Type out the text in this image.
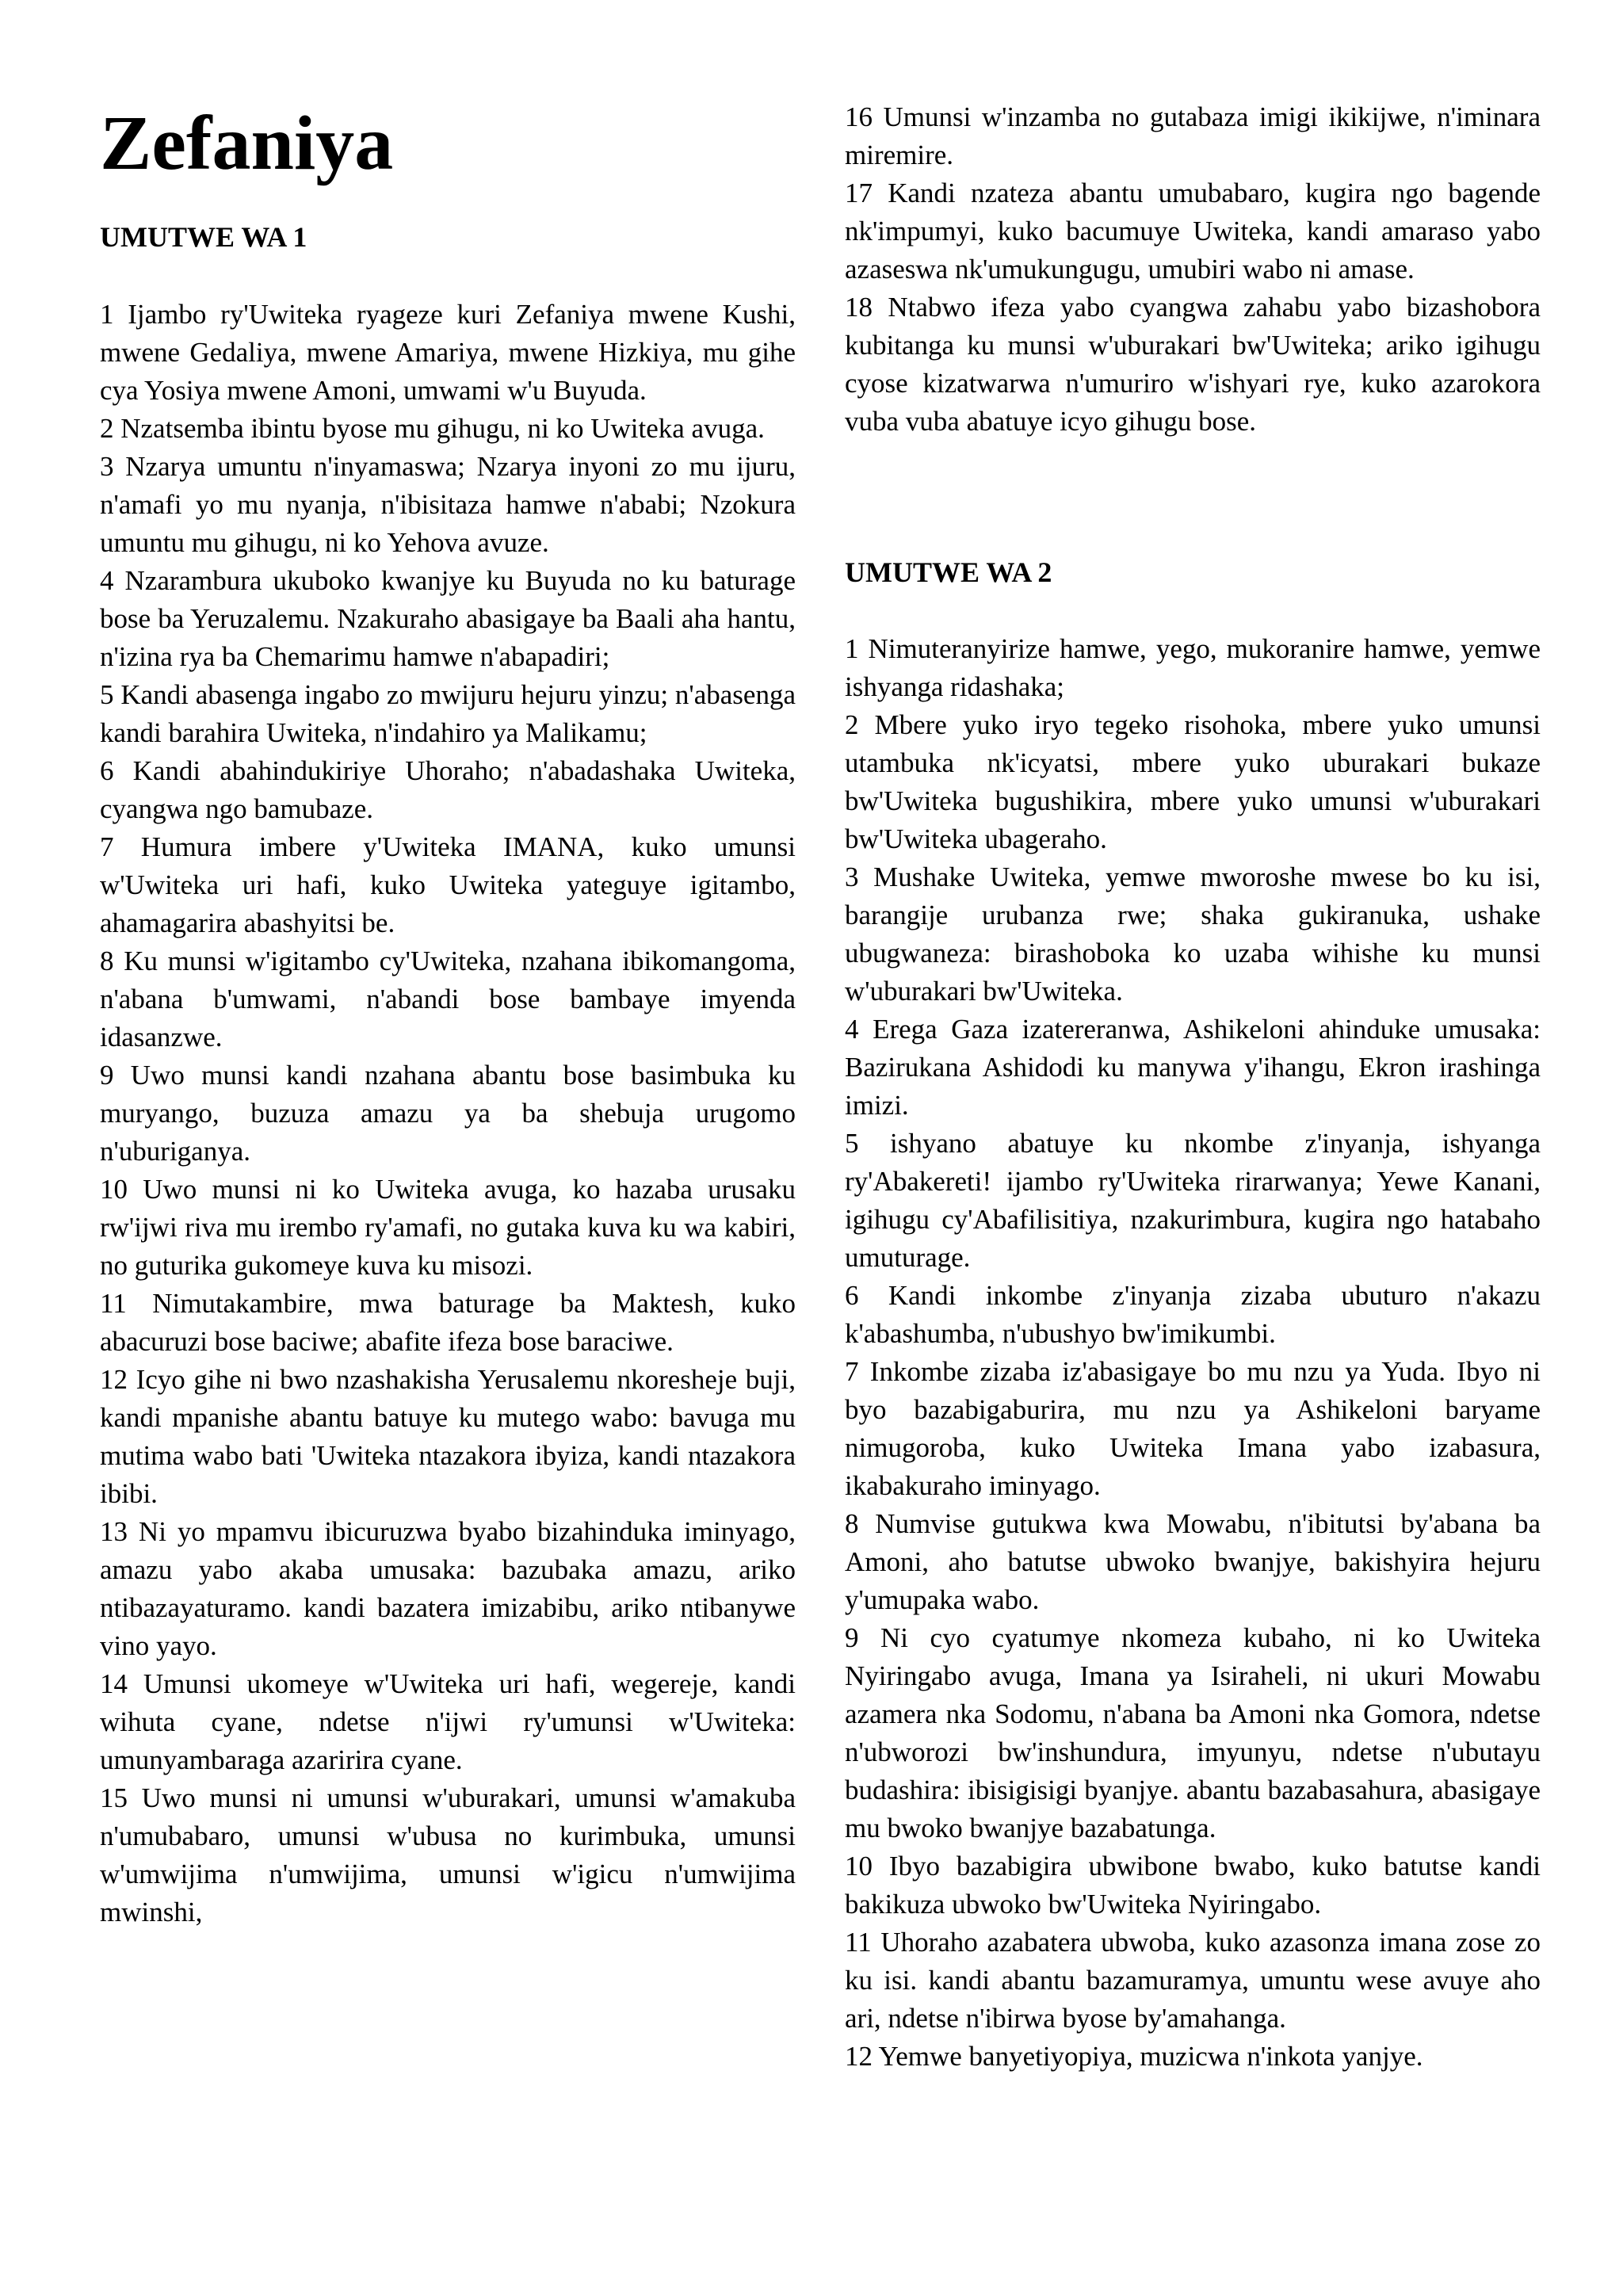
Zefaniya
UMUTWE WA 1

1 Ijambo ry'Uwiteka ryageze kuri Zefaniya mwene Kushi, mwene Gedaliya, mwene Amariya, mwene Hizkiya, mu gihe cya Yosiya mwene Amoni, umwami w'u Buyuda.

2 Nzatsemba ibintu byose mu gihugu, ni ko Uwiteka avuga.

3 Nzarya umuntu n'inyamaswa; Nzarya inyoni zo mu ijuru, n'amafi yo mu nyanja, n'ibisitaza hamwe n'ababi; Nzokura umuntu mu gihugu, ni ko Yehova avuze.

4 Nzarambura ukuboko kwanjye ku Buyuda no ku baturage bose ba Yeruzalemu. Nzakuraho abasigaye ba Baali aha hantu, n'izina rya ba Chemarimu hamwe n'abapadiri;

5 Kandi abasenga ingabo zo mwijuru hejuru yinzu; n'abasenga kandi barahira Uwiteka, n'indahiro ya Malikamu;

6 Kandi abahindukiriye Uhoraho; n'abadashaka Uwiteka, cyangwa ngo bamubaze.

7 Humura imbere y'Uwiteka IMANA, kuko umunsi w'Uwiteka uri hafi, kuko Uwiteka yateguye igitambo, ahamagarira abashyitsi be.

8 Ku munsi w'igitambo cy'Uwiteka, nzahana ibikomangoma, n'abana b'umwami, n'abandi bose bambaye imyenda idasanzwe.

9 Uwo munsi kandi nzahana abantu bose basimbuka ku muryango, buzuza amazu ya ba shebuja urugomo n'uburiganya.

10 Uwo munsi ni ko Uwiteka avuga, ko hazaba urusaku rw'ijwi riva mu irembo ry'amafi, no gutaka kuva ku wa kabiri, no guturika gukomeye kuva ku misozi.

11 Nimutakambire, mwa baturage ba Maktesh, kuko abacuruzi bose baciwe; abafite ifeza bose baraciwe.

12 Icyo gihe ni bwo nzashakisha Yerusalemu nkoresheje buji, kandi mpanishe abantu batuye ku mutego wabo: bavuga mu mutima wabo bati 'Uwiteka ntazakora ibyiza, kandi ntazakora ibibi.

13 Ni yo mpamvu ibicuruzwa byabo bizahinduka iminyago, amazu yabo akaba umusaka: bazubaka amazu, ariko ntibazayaturamo. kandi bazatera imizabibu, ariko ntibanywe vino yayo.

14 Umunsi ukomeye w'Uwiteka uri hafi, wegereje, kandi wihuta cyane, ndetse n'ijwi ry'umunsi w'Uwiteka: umunyambaraga azaririra cyane.

15 Uwo munsi ni umunsi w'uburakari, umunsi w'amakuba n'umubabaro, umunsi w'ubusa no kurimbuka, umunsi w'umwijima n'umwijima, umunsi w'igicu n'umwijima mwinshi,

16 Umunsi w'inzamba no gutabaza imigi ikikijwe, n'iminara miremire.

17 Kandi nzateza abantu umubabaro, kugira ngo bagende nk'impumyi, kuko bacumuye Uwiteka, kandi amaraso yabo azaseswa nk'umukungugu, umubiri wabo ni amase.

18 Ntabwo ifeza yabo cyangwa zahabu yabo bizashobora kubitanga ku munsi w'uburakari bw'Uwiteka; ariko igihugu cyose kizatwarwa n'umuriro w'ishyari rye, kuko azarokora vuba vuba abatuye icyo gihugu bose.

UMUTWE WA 2

1 Nimuteranyirize hamwe, yego, mukoranire hamwe, yemwe ishyanga ridashaka;

2 Mbere yuko iryo tegeko risohoka, mbere yuko umunsi utambuka nk'icyatsi, mbere yuko uburakari bukaze bw'Uwiteka bugushikira, mbere yuko umunsi w'uburakari bw'Uwiteka ubageraho.

3 Mushake Uwiteka, yemwe mworoshe mwese bo ku isi, barangije urubanza rwe; shaka gukiranuka, ushake ubugwaneza: birashoboka ko uzaba wihishe ku munsi w'uburakari bw'Uwiteka.

4 Erega Gaza izatereranwa, Ashikeloni ahinduke umusaka: Bazirukana Ashidodi ku manywa y'ihangu, Ekron irashinga imizi.

5 ishyano abatuye ku nkombe z'inyanja, ishyanga ry'Abakereti! ijambo ry'Uwiteka rirarwanya; Yewe Kanani, igihugu cy'Abafilisitiya, nzakurimbura, kugira ngo hatabaho umuturage.

6 Kandi inkombe z'inyanja zizaba ubuturo n'akazu k'abashumba, n'ubushyo bw'imikumbi.

7 Inkombe zizaba iz'abasigaye bo mu nzu ya Yuda. Ibyo ni byo bazabigaburira, mu nzu ya Ashikeloni baryame nimugoroba, kuko Uwiteka Imana yabo izabasura, ikabakuraho iminyago.

8 Numvise gutukwa kwa Mowabu, n'ibitutsi by'abana ba Amoni, aho batutse ubwoko bwanjye, bakishyira hejuru y'umupaka wabo.

9 Ni cyo cyatumye nkomeza kubaho, ni ko Uwiteka Nyiringabo avuga, Imana ya Isiraheli, ni ukuri Mowabu azamera nka Sodomu, n'abana ba Amoni nka Gomora, ndetse n'ubworozi bw'inshundura, imyunyu, ndetse n'ubutayu budashira: ibisigisigi byanjye. abantu bazabasahura, abasigaye mu bwoko bwanjye bazabatunga.

10 Ibyo bazabigira ubwibone bwabo, kuko batutse kandi bakikuza ubwoko bw'Uwiteka Nyiringabo.

11 Uhoraho azabatera ubwoba, kuko azasonza imana zose zo ku isi. kandi abantu bazamuramya, umuntu wese avuye aho ari, ndetse n'ibirwa byose by'amahanga.

12 Yemwe banyetiyopiya, muzicwa n'inkota yanjye.
